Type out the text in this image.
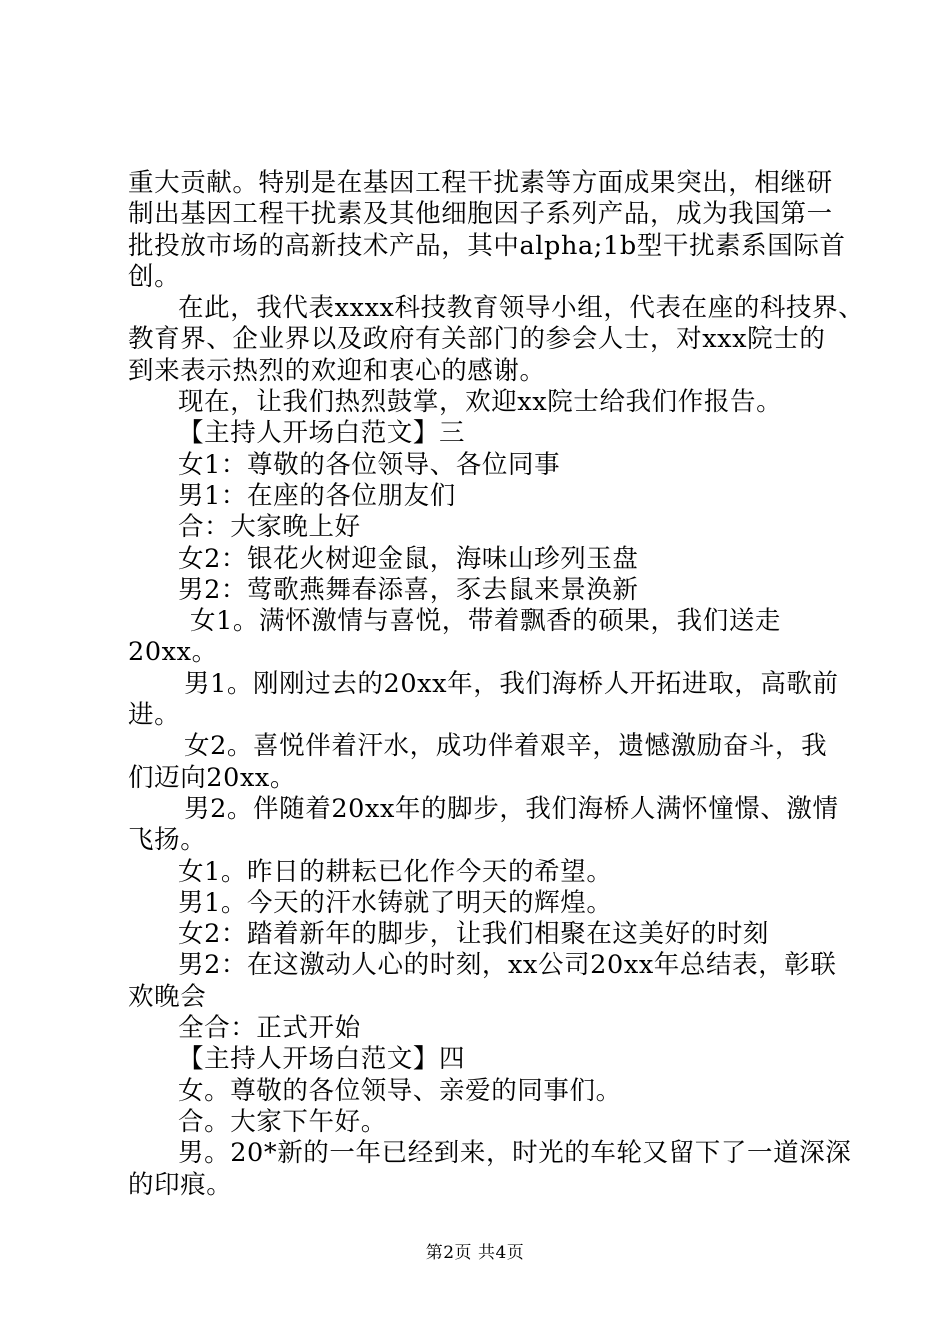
重大贡献。特别是在基因工程干扰素等方面成果突出，相继研
制出基因工程干扰素及其他细胞因子系列产品，成为我国第一
批投放市场的高新技术产品，其中alpha;1b型干扰素系国际首
创。
在此，我代表xxxx科技教育领导小组，代表在座的科技界、
教育界、企业界以及政府有关部门的参会人士，对xxx院士的
到来表示热烈的欢迎和衷心的感谢。
现在，让我们热烈鼓掌，欢迎xx院士给我们作报告。
【主持人开场白范文】三
女1：尊敬的各位领导、各位同事
男1：在座的各位朋友们
合：大家晚上好
女2：银花火树迎金鼠，海味山珍列玉盘
男2：莺歌燕舞春添喜，豕去鼠来景涣新
女1。满怀激情与喜悦，带着飘香的硕果，我们送走
20xx。
男1。刚刚过去的20xx年，我们海桥人开拓进取，高歌前
进。
女2。喜悦伴着汗水，成功伴着艰辛，遗憾激励奋斗，我
们迈向20xx。
男2。伴随着20xx年的脚步，我们海桥人满怀憧憬、激情
飞扬。
女1。昨日的耕耘已化作今天的希望。
男1。今天的汗水铸就了明天的辉煌。
女2：踏着新年的脚步，让我们相聚在这美好的时刻
男2：在这激动人心的时刻，xx公司20xx年总结表，彰联
欢晚会
全合：正式开始
【主持人开场白范文】四
女。尊敬的各位领导、亲爱的同事们。
合。大家下午好。
男。20*新的一年已经到来，时光的车轮又留下了一道深深
的印痕。
第2页 共4页
